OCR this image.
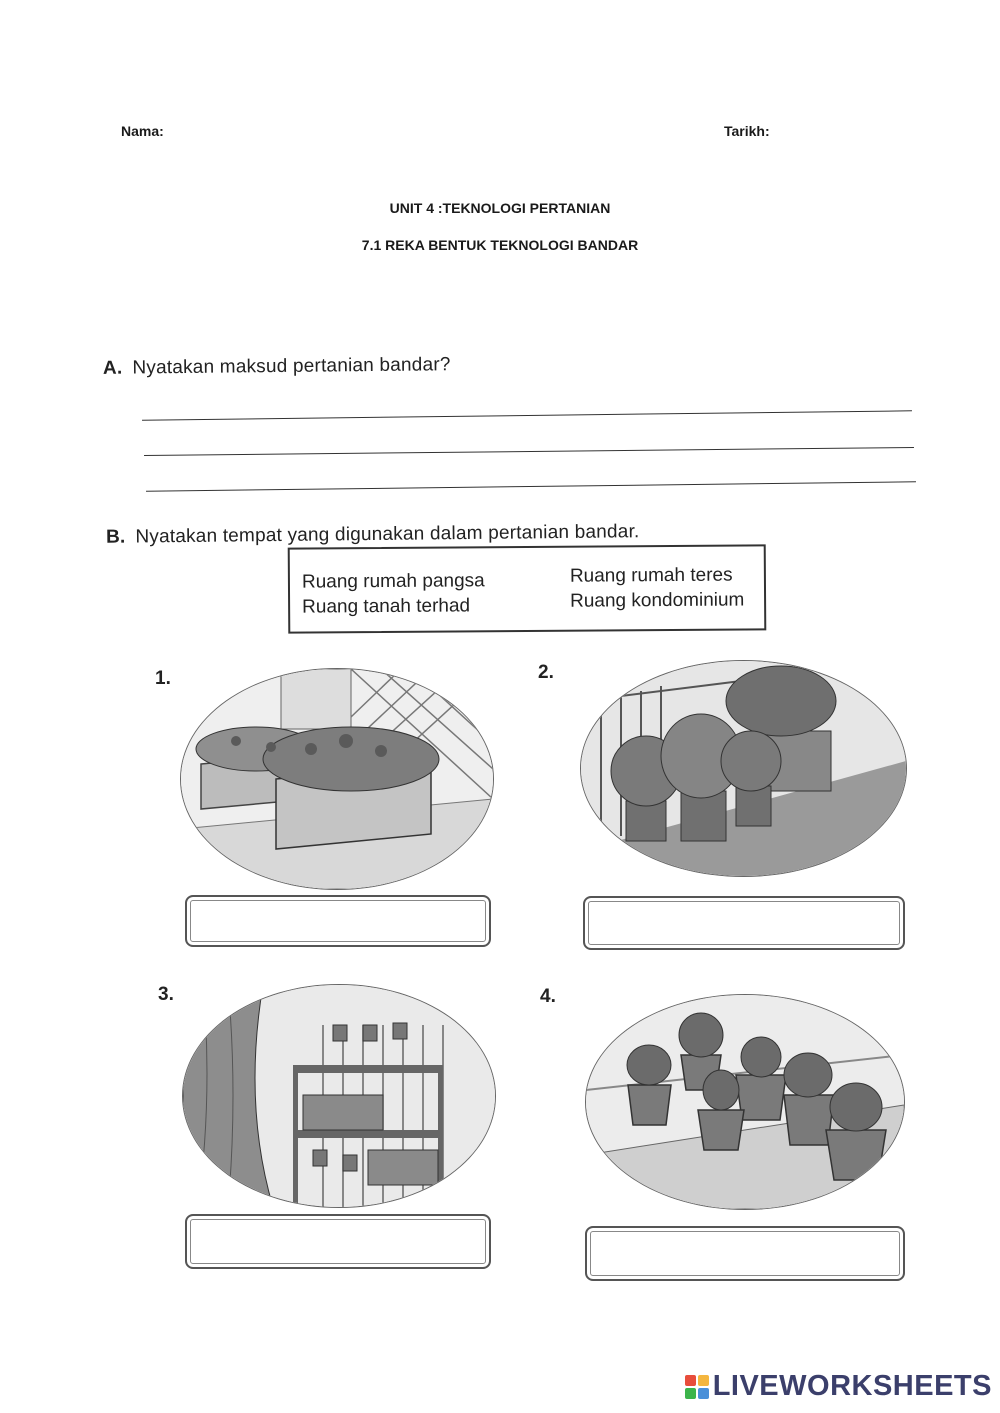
Nama:	Tarikh:
UNIT 4 :TEKNOLOGI PERTANIAN
7.1 REKA BENTUK TEKNOLOGI BANDAR
A. Nyatakan maksud pertanian bandar?
B. Nyatakan tempat yang digunakan dalam pertanian bandar.
Ruang rumah pangsa	Ruang rumah teres
Ruang tanah terhad	Ruang kondominium
1.	2.
3.	4.
LIVEWORKSHEETS
